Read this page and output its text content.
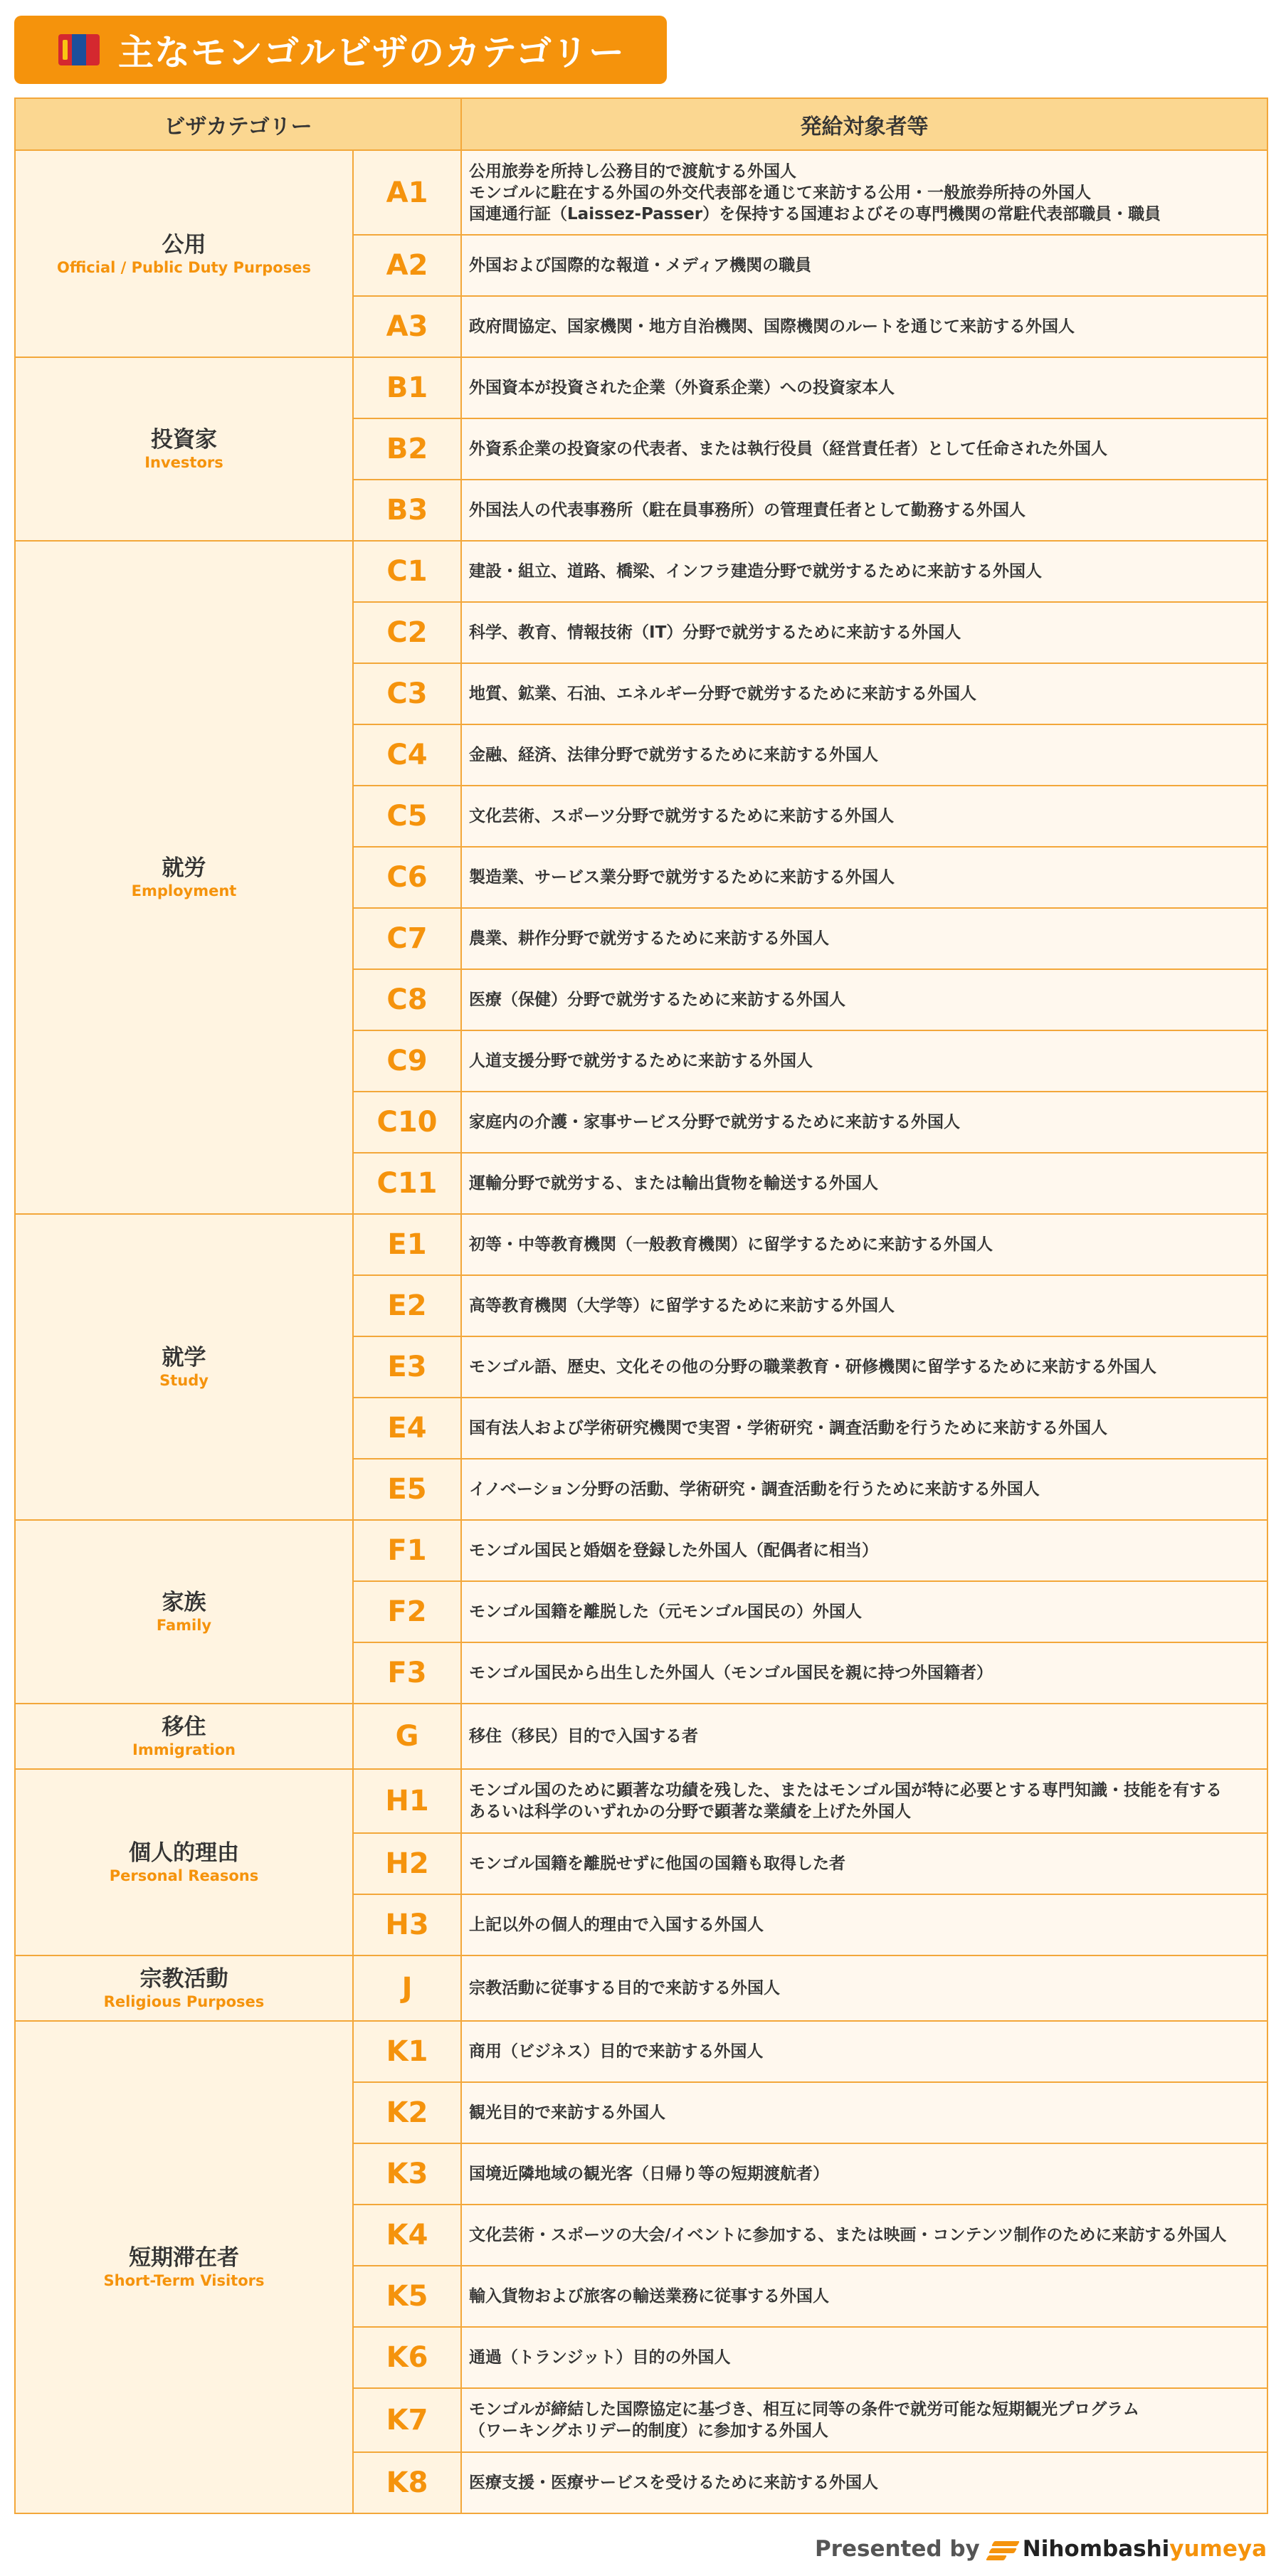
主なモンゴルビザのカテゴリー
ビザカテゴリー		発給対象者等

公用
Official / Public Duty Purposes	A1	公用旅券を所持し公務目的で渡航する外国人
モンゴルに駐在する外国の外交代表部を通じて来訪する公用・一般旅券所持の外国人
国連通行証（Laissez-Passer）を保持する国連およびその専門機関の常駐代表部職員・職員
	A2	外国および国際的な報道・メディア機関の職員
	A3	政府間協定、国家機関・地方自治機関、国際機関のルートを通じて来訪する外国人

投資家
Investors	B1	外国資本が投資された企業（外資系企業）への投資家本人
	B2	外資系企業の投資家の代表者、または執行役員（経営責任者）として任命された外国人
	B3	外国法人の代表事務所（駐在員事務所）の管理責任者として勤務する外国人

就労
Employment	C1	建設・組立、道路、橋梁、インフラ建造分野で就労するために来訪する外国人
	C2	科学、教育、情報技術（IT）分野で就労するために来訪する外国人
	C3	地質、鉱業、石油、エネルギー分野で就労するために来訪する外国人
	C4	金融、経済、法律分野で就労するために来訪する外国人
	C5	文化芸術、スポーツ分野で就労するために来訪する外国人
	C6	製造業、サービス業分野で就労するために来訪する外国人
	C7	農業、耕作分野で就労するために来訪する外国人
	C8	医療（保健）分野で就労するために来訪する外国人
	C9	人道支援分野で就労するために来訪する外国人
	C10	家庭内の介護・家事サービス分野で就労するために来訪する外国人
	C11	運輸分野で就労する、または輸出貨物を輸送する外国人

就学
Study	E1	初等・中等教育機関（一般教育機関）に留学するために来訪する外国人
	E2	高等教育機関（大学等）に留学するために来訪する外国人
	E3	モンゴル語、歴史、文化その他の分野の職業教育・研修機関に留学するために来訪する外国人
	E4	国有法人および学術研究機関で実習・学術研究・調査活動を行うために来訪する外国人
	E5	イノベーション分野の活動、学術研究・調査活動を行うために来訪する外国人

家族
Family	F1	モンゴル国民と婚姻を登録した外国人（配偶者に相当）
	F2	モンゴル国籍を離脱した（元モンゴル国民の）外国人
	F3	モンゴル国民から出生した外国人（モンゴル国民を親に持つ外国籍者）

移住
Immigration	G	移住（移民）目的で入国する者

個人的理由
Personal Reasons	H1	モンゴル国のために顕著な功績を残した、またはモンゴル国が特に必要とする専門知識・技能を有する
あるいは科学のいずれかの分野で顕著な業績を上げた外国人
	H2	モンゴル国籍を離脱せずに他国の国籍も取得した者
	H3	上記以外の個人的理由で入国する外国人

宗教活動
Religious Purposes	J	宗教活動に従事する目的で来訪する外国人

短期滞在者
Short-Term Visitors	K1	商用（ビジネス）目的で来訪する外国人
	K2	観光目的で来訪する外国人
	K3	国境近隣地域の観光客（日帰り等の短期渡航者）
	K4	文化芸術・スポーツの大会/イベントに参加する、または映画・コンテンツ制作のために来訪する外国人
	K5	輸入貨物および旅客の輸送業務に従事する外国人
	K6	通過（トランジット）目的の外国人
	K7	モンゴルが締結した国際協定に基づき、相互に同等の条件で就労可能な短期観光プログラム
（ワーキングホリデー的制度）に参加する外国人
	K8	医療支援・医療サービスを受けるために来訪する外国人
Presented by Nihombashi yumeya
